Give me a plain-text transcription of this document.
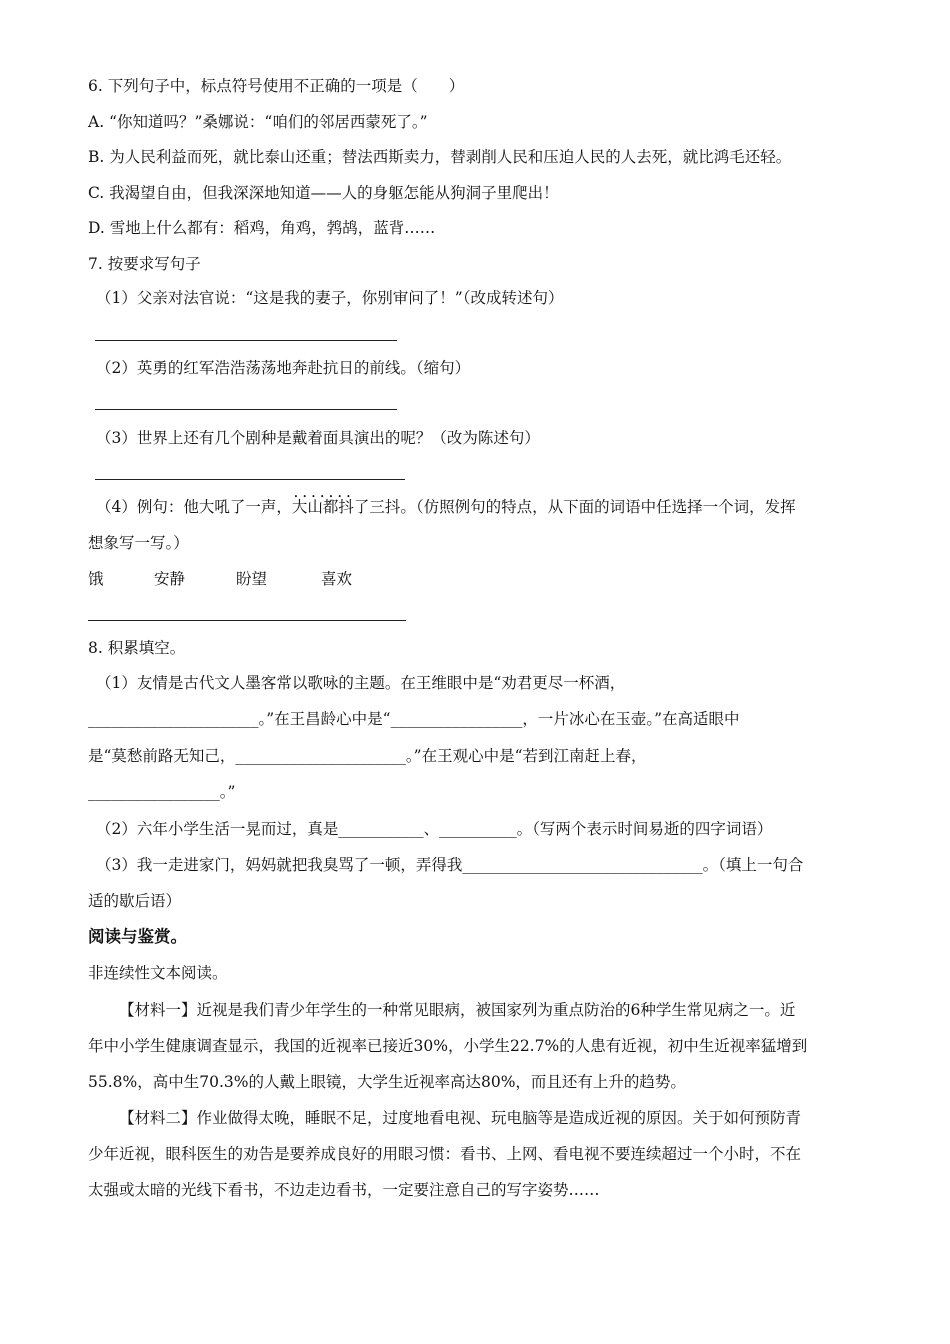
6. 下列句子中，标点符号使用不正确的一项是（　　）
A. “你知道吗？”桑娜说：“咱们的邻居西蒙死了。”
B. 为人民利益而死，就比泰山还重；替法西斯卖力，替剥削人民和压迫人民的人去死，就比鸿毛还轻。
C. 我渴望自由，但我深深地知道——人的身躯怎能从狗洞子里爬出！
D. 雪地上什么都有：稻鸡，角鸡，鹁鸪，蓝背……
7. 按要求写句子
（1）父亲对法官说：“这是我的妻子，你别审问了！”（改成转述句）
（2）英勇的红军浩浩荡荡地奔赴抗日的前线。（缩句）
（3）世界上还有几个剧种是戴着面具演出的呢？（改为陈述句）
（4）例句：他大吼了一声，• • • 大山都抖了三抖。（仿照例句的特点，从下面的词语中任选择一个词，发挥
想象写一写。）
饿	安静	盼望	喜欢
8. 积累填空。
（1）友情是古代文人墨客常以歌咏的主题。在王维眼中是“劝君更尽一杯酒，
______________________。”在王昌龄心中是“_________________，一片冰心在玉壶。”在高适眼中
是“莫愁前路无知己，______________________。”在王观心中是“若到江南赶上春，
_________________。”
（2）六年小学生活一晃而过，真是___________、__________。（写两个表示时间易逝的四字词语）
（3）我一走进家门，妈妈就把我臭骂了一顿，弄得我_______________________________。（填上一句合
适的歇后语）
阅读与鉴赏。
非连续性文本阅读。
【材料一】近视是我们青少年学生的一种常见眼病，被国家列为重点防治的6种学生常见病之一。近
年中小学生健康调查显示，我国的近视率已接近30%，小学生22.7%的人患有近视，初中生近视率猛增到
55.8%，高中生70.3%的人戴上眼镜，大学生近视率高达80%，而且还有上升的趋势。
【材料二】作业做得太晚，睡眠不足，过度地看电视、玩电脑等是造成近视的原因。关于如何预防青
少年近视，眼科医生的劝告是要养成良好的用眼习惯：看书、上网、看电视不要连续超过一个小时，不在
太强或太暗的光线下看书，不边走边看书，一定要注意自己的写字姿势……
